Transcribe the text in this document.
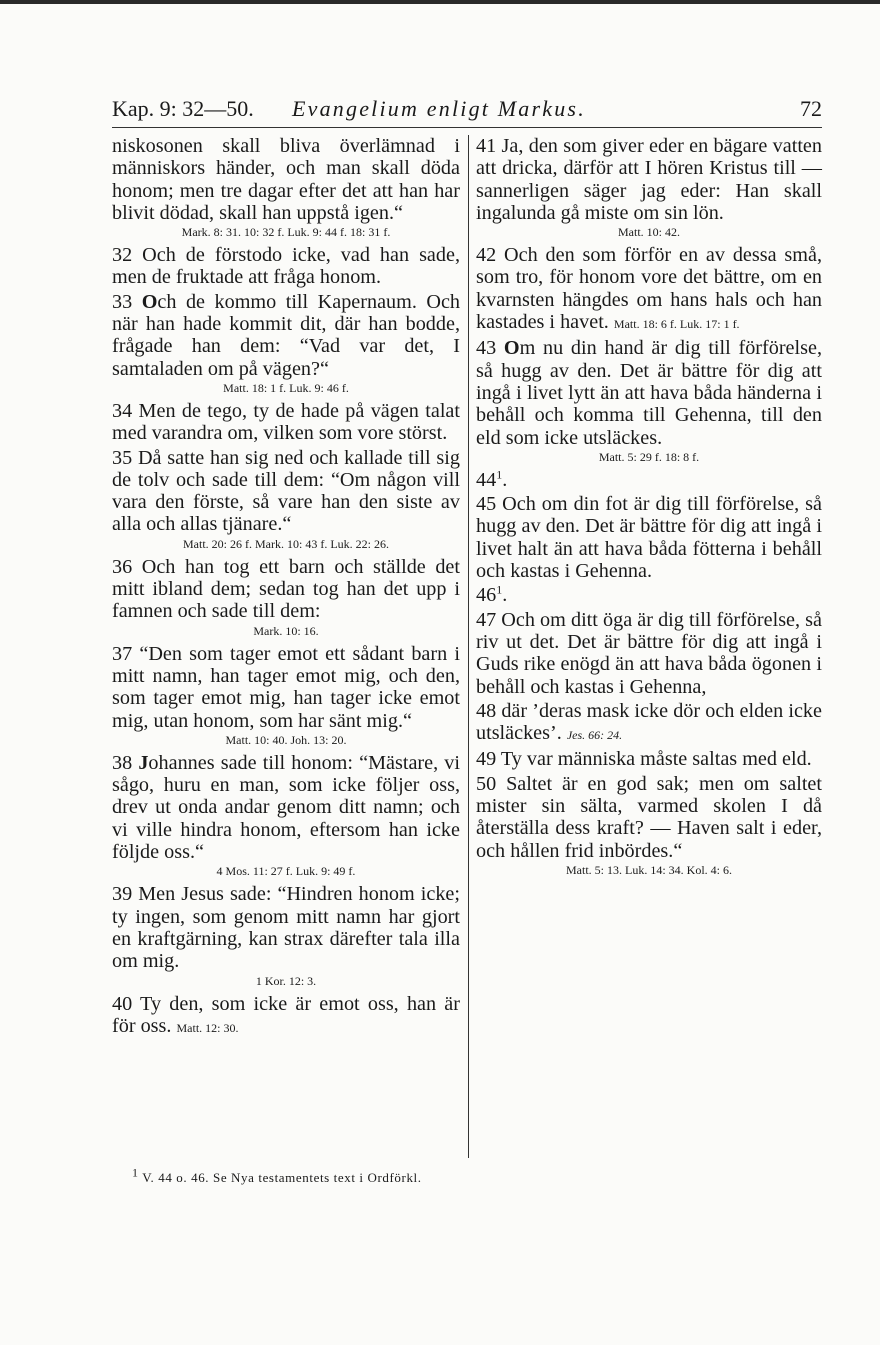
Kap. 9: 32—50. Evangelium enligt Markus.	72

niskosonen skall bliva överlämnad i människors händer, och man skall döda honom; men tre dagar efter det att han har blivit dödad, skall han uppstå igen.“

Mark. 8: 31. 10: 32 f. Luk. 9: 44 f. 18: 31 f.

32 Och de förstodo icke, vad han sade, men de fruktade att fråga honom.

33 Och de kommo till Kapernaum. Och när han hade kommit dit, där han bodde, frågade han dem: “Vad var det, I samtaladen om på vägen?“

Matt. 18: 1 f. Luk. 9: 46 f.

34 Men de tego, ty de hade på vägen talat med varandra om, vilken som vore störst.

35 Då satte han sig ned och kallade till sig de tolv och sade till dem: “Om någon vill vara den förste, så vare han den siste av alla och allas tjänare.“

Matt. 20: 26 f. Mark. 10: 43 f. Luk. 22: 26.

36 Och han tog ett barn och ställde det mitt ibland dem; sedan tog han det upp i famnen och sade till dem:

Mark. 10: 16.

37 “Den som tager emot ett sådant barn i mitt namn, han tager emot mig, och den, som tager emot mig, han tager icke emot mig, utan honom, som har sänt mig.“

Matt. 10: 40. Joh. 13: 20.

38 Johannes sade till honom: “Mästare, vi sågo, huru en man, som icke följer oss, drev ut onda andar genom ditt namn; och vi ville hindra honom, eftersom han icke följde oss.“

4 Mos. 11: 27 f. Luk. 9: 49 f.

39 Men Jesus sade: “Hindren honom icke; ty ingen, som genom mitt namn har gjort en kraftgärning, kan strax därefter tala illa om mig.

1 Kor. 12: 3.

40 Ty den, som icke är emot oss, han är för oss. Matt. 12: 30.

41 Ja, den som giver eder en bägare vatten att dricka, därför att I hören Kristus till — sannerligen säger jag eder: Han skall ingalunda gå miste om sin lön.

Matt. 10: 42.

42 Och den som förför en av dessa små, som tro, för honom vore det bättre, om en kvarnsten hängdes om hans hals och han kastades i havet. Matt. 18: 6 f. Luk. 17: 1 f.

43 Om nu din hand är dig till förförelse, så hugg av den. Det är bättre för dig att ingå i livet lytt än att hava båda händerna i behåll och komma till Gehenna, till den eld som icke utsläckes.

Matt. 5: 29 f. 18: 8 f.

$44^1$.

45 Och om din fot är dig till förförelse, så hugg av den. Det är bättre för dig att ingå i livet halt än att hava båda fötterna i behåll och kastas i Gehenna.

$46^1$.

47 Och om ditt öga är dig till förförelse, så riv ut det. Det är bättre för dig att ingå i Guds rike enögd än att hava båda ögonen i behåll och kastas i Gehenna,

48 där ’deras mask icke dör och elden icke utsläckes’. Jes. 66: 24.

49 Ty var människa måste saltas med eld.

50 Saltet är en god sak; men om saltet mister sin sälta, varmed skolen I då återställa dess kraft? — Haven salt i eder, och hållen frid inbördes.“

Matt. 5: 13. Luk. 14: 34. Kol. 4: 6.
1 V. 44 o. 46. Se Nya testamentets text i Ordförkl.
